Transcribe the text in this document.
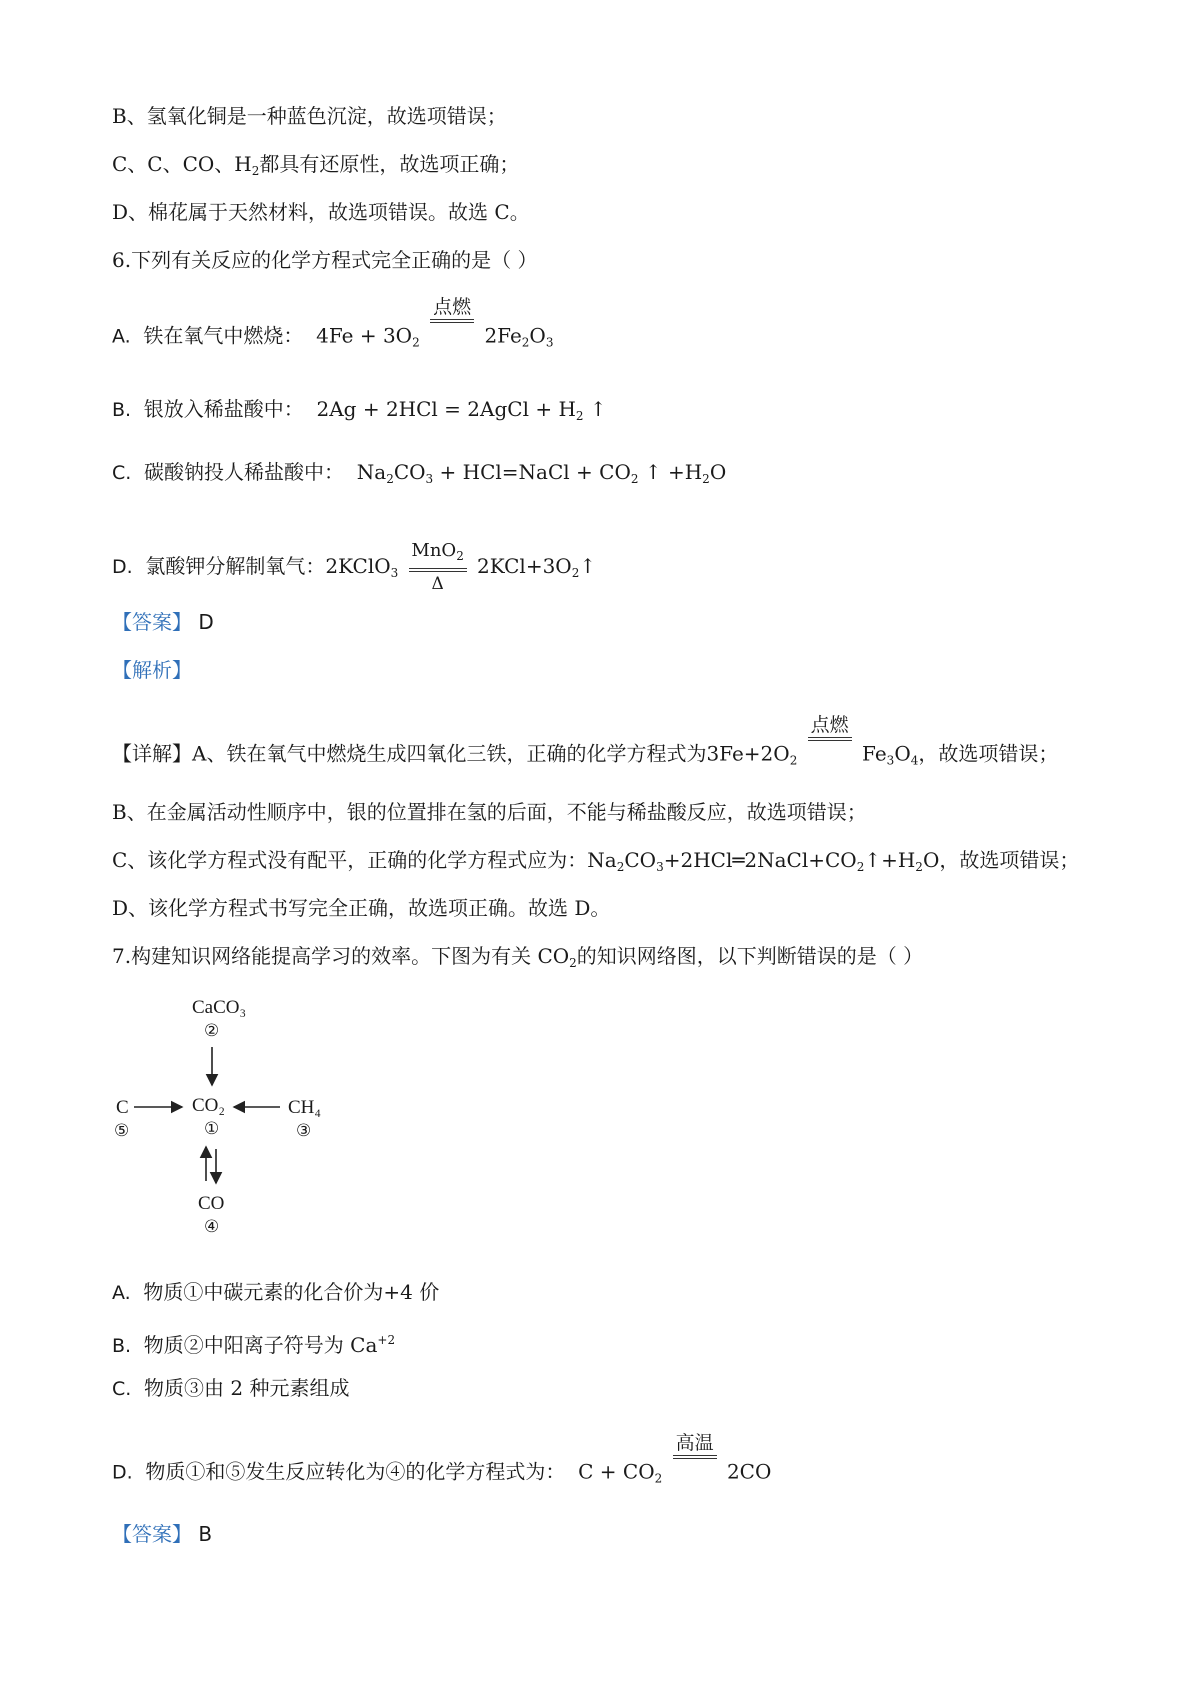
B、氢氧化铜是一种蓝色沉淀，故选项错误；
C、C、CO、$H_2$都具有还原性，故选项正确；
D、棉花属于天然材料，故选项错误。故选 C。
6.下列有关反应的化学方程式完全正确的是（ ）
A. 铁在氧气中燃烧： $4Fe + 3O_2$
点燃

$2Fe_2O_3$
B. 银放入稀盐酸中： 2Ag + 2HCl = 2AgCl + $H_2$ ↑
C. 碳酸钠投人稀盐酸中： $Na_2CO_3$ + HCl=NaCl + $CO_2$ ↑ $+H_2O$
D. 氯酸钾分解制氧气：2KClO$_3$
MnO$_2$
Δ
$2KCl+3O_2↑$
【答案】 D
【解析】
【详解】A、铁在氧气中燃烧生成四氧化三铁，正确的化学方程式为$3Fe+2O_2$
点燃

$Fe_3O_4$，故选项错误；
B、在金属活动性顺序中，银的位置排在氢的后面，不能与稀盐酸反应，故选项错误；
C、该化学方程式没有配平，正确的化学方程式应为：$Na_2CO_3+2HCl═2NaCl+CO_2↑+H_2O$，故选项错误；
D、该化学方程式书写完全正确，故选项正确。故选 D。
7.构建知识网络能提高学习的效率。下图为有关 $CO_2$的知识网络图，以下判断错误的是（ ）
CaCO₃
②
C
⑤
CO₂
①
CH₄
③
CO
④
A. 物质①中碳元素的化合价为+4 价
B. 物质②中阳离子符号为 $Ca^{+2}$
C. 物质③由 2 种元素组成
D. 物质①和⑤发生反应转化为④的化学方程式为： $C + CO_2$
高温

2CO
【答案】 B
